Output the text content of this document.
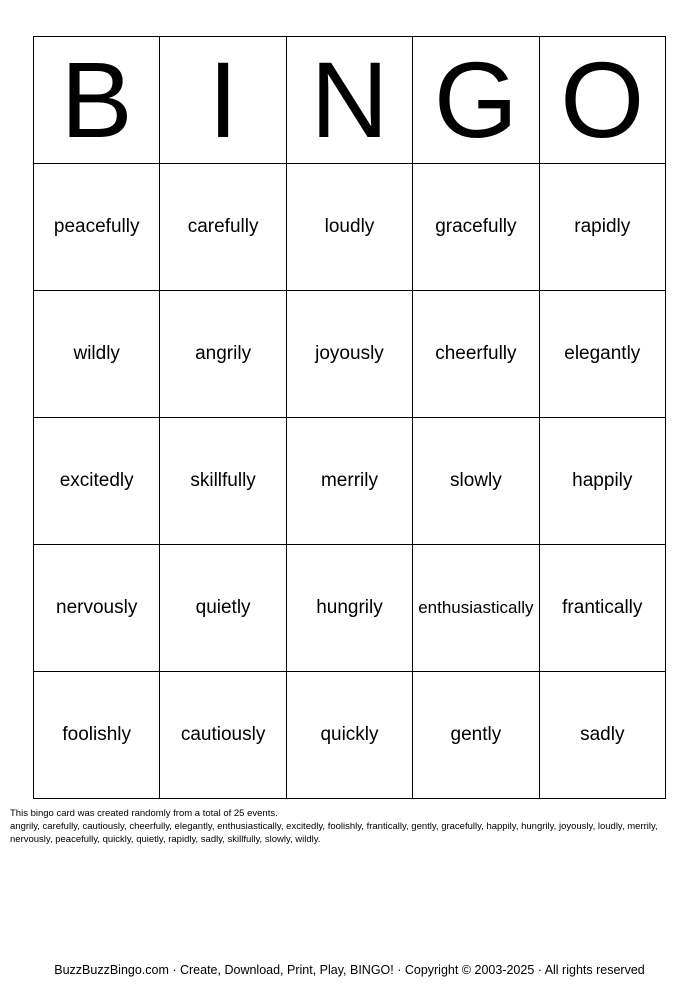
B	I	N	G	O
peacefully	carefully	loudly	gracefully	rapidly
wildly	angrily	joyously	cheerfully	elegantly
excitedly	skillfully	merrily	slowly	happily
nervously	quietly	hungrily	enthusiastically	frantically
foolishly	cautiously	quickly	gently	sadly

This bingo card was created randomly from a total of 25 events.

angrily, carefully, cautiously, cheerfully, elegantly, enthusiastically, excitedly, foolishly, frantically, gently, gracefully, happily, hungrily, joyously, loudly, merrily, nervously, peacefully, quickly, quietly, rapidly, sadly, skillfully, slowly, wildly.

BuzzBuzzBingo.com · Create, Download, Print, Play, BINGO! · Copyright © 2003-2025 · All rights reserved
